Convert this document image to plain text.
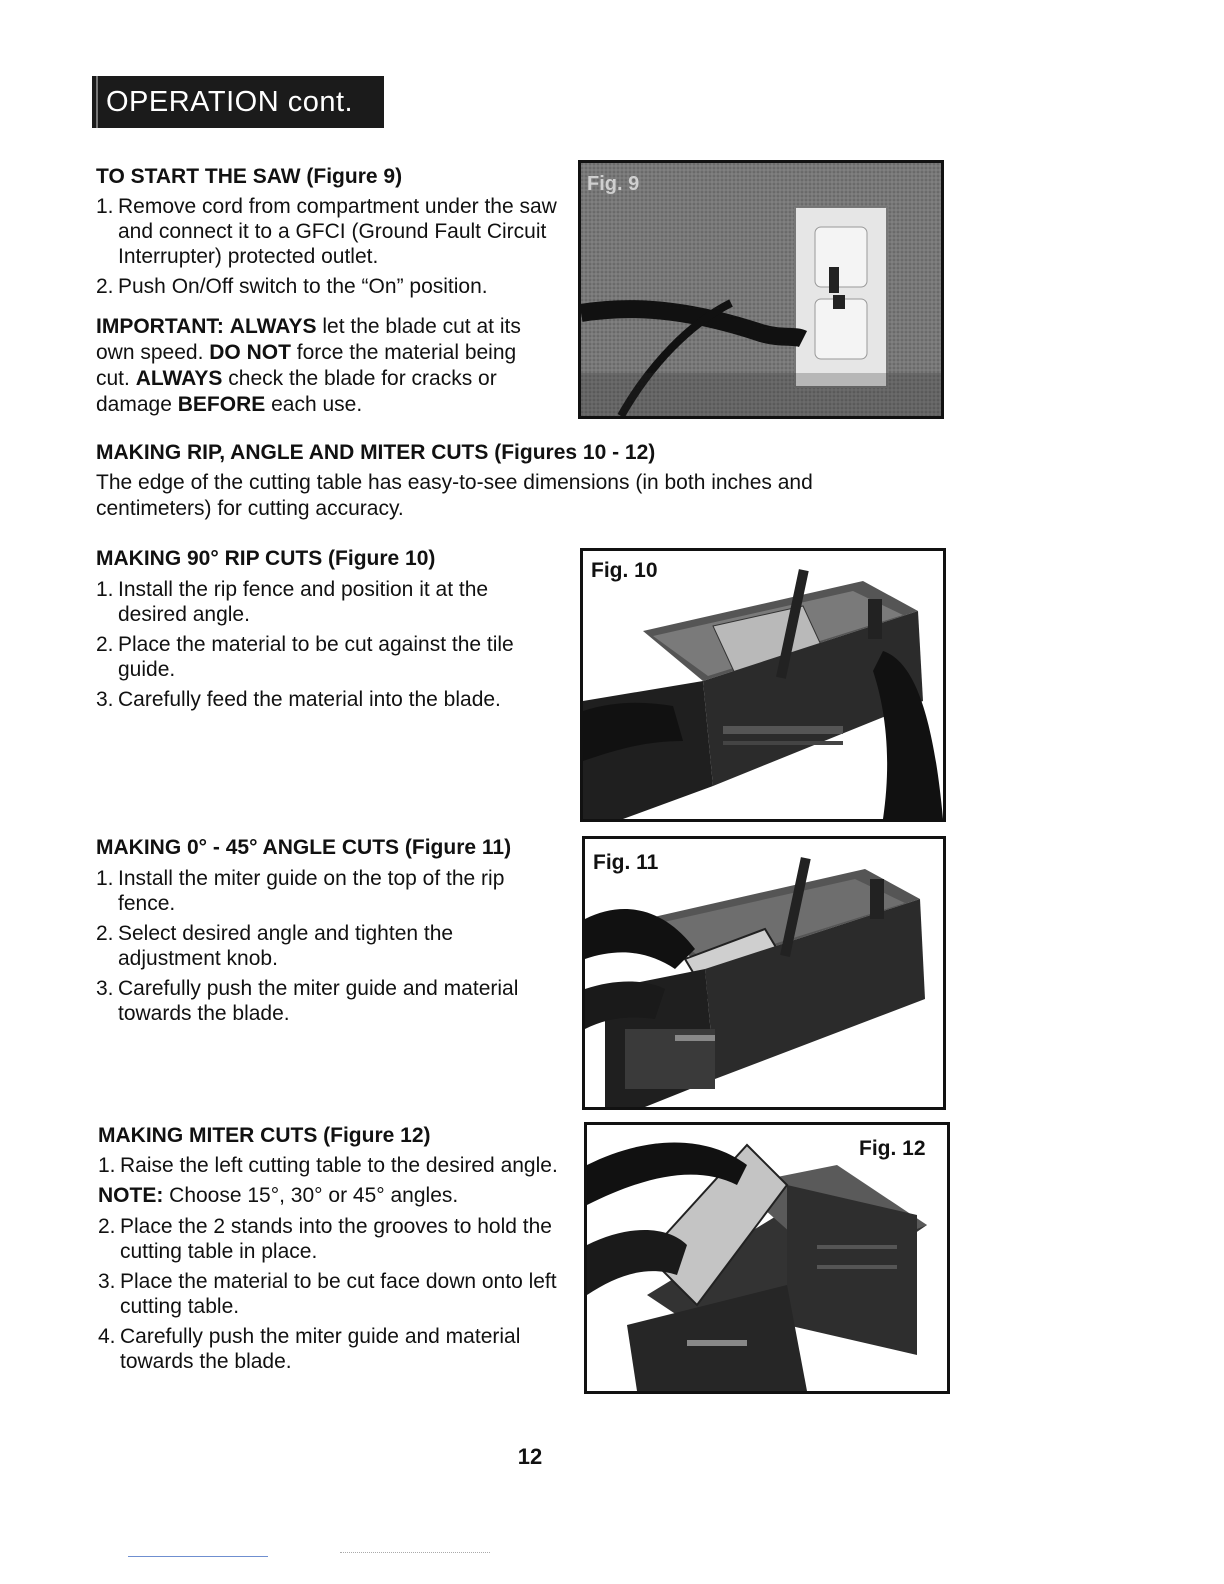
OPERATION cont.
TO START THE SAW (Figure 9)
1. Remove cord from compartment under the saw and connect it to a GFCI (Ground Fault Circuit Interrupter) protected outlet.
2. Push On/Off switch to the “On” position.
IMPORTANT: ALWAYS let the blade cut at its own speed. DO NOT force the material being cut. ALWAYS check the blade for cracks or damage BEFORE each use.
Fig. 9
MAKING RIP, ANGLE AND MITER CUTS (Figures 10 - 12)
The edge of the cutting table has easy-to-see dimensions (in both inches and centimeters) for cutting accuracy.
MAKING 90° RIP CUTS (Figure 10)
1. Install the rip fence and position it at the desired angle.
2. Place the material to be cut against the tile guide.
3. Carefully feed the material into the blade.
Fig. 10
MAKING 0° - 45° ANGLE CUTS (Figure 11)
1. Install the miter guide on the top of the rip fence.
2. Select desired angle and tighten the adjustment knob.
3. Carefully push the miter guide and material towards the blade.
Fig. 11
MAKING MITER CUTS (Figure 12)
1. Raise the left cutting table to the desired angle.
NOTE: Choose 15°, 30° or 45° angles.
2. Place the 2 stands into the grooves to hold the cutting table in place.
3. Place the material to be cut face down onto left cutting table.
4. Carefully push the miter guide and material towards the blade.
Fig. 12
12
